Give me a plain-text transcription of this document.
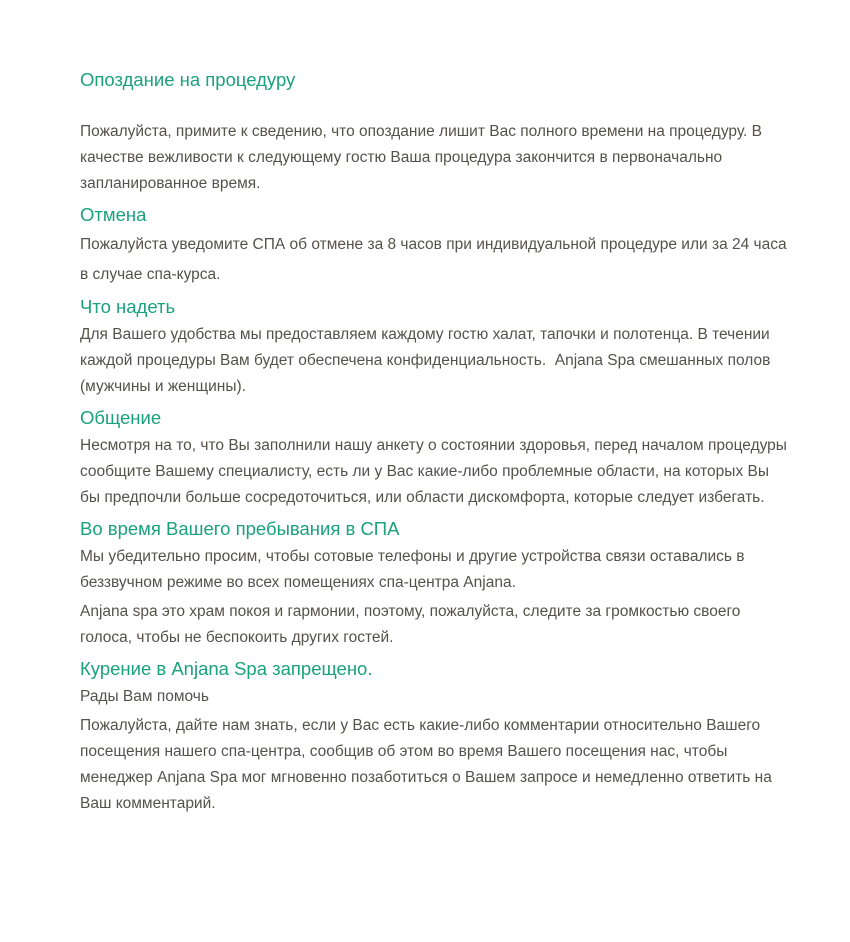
Опоздание на процедуру

Пожалуйста, примите к сведению, что опоздание лишит Вас полного времени на процедуру. В качестве вежливости к следующему гостю Ваша процедура закончится в первоначально запланированное время.

Отмена

Пожалуйста уведомите СПА об отмене за 8 часов при индивидуальной процедуре или за 24 часа в случае спа-курса.

Что надеть

Для Вашего удобства мы предоставляем каждому гостю халат, тапочки и полотенца. В течении каждой процедуры Вам будет обеспечена конфиденциальность.  Anjana Spa смешанных полов (мужчины и женщины).

Общение

Несмотря на то, что Вы заполнили нашу анкету о состоянии здоровья, перед началом процедуры сообщите Вашему специалисту, есть ли у Вас какие-либо проблемные области, на которых Вы бы предпочли больше сосредоточиться, или области дискомфорта, которые следует избегать.

Во время Вашего пребывания в СПА

Мы убедительно просим, чтобы сотовые телефоны и другие устройства связи оставались в беззвучном режиме во всех помещениях спа-центра Anjana.

Anjana spa это храм покоя и гармонии, поэтому, пожалуйста, следите за громкостью своего голоса, чтобы не беспокоить других гостей.

Курение в Anjana Spa запрещено.

Рады Вам помочь

Пожалуйста, дайте нам знать, если у Вас есть какие-либо комментарии относительно Вашего посещения нашего спа-центра, сообщив об этом во время Вашего посещения нас, чтобы менеджер Anjana Spa мог мгновенно позаботиться о Вашем запросе и немедленно ответить на Ваш комментарий.
